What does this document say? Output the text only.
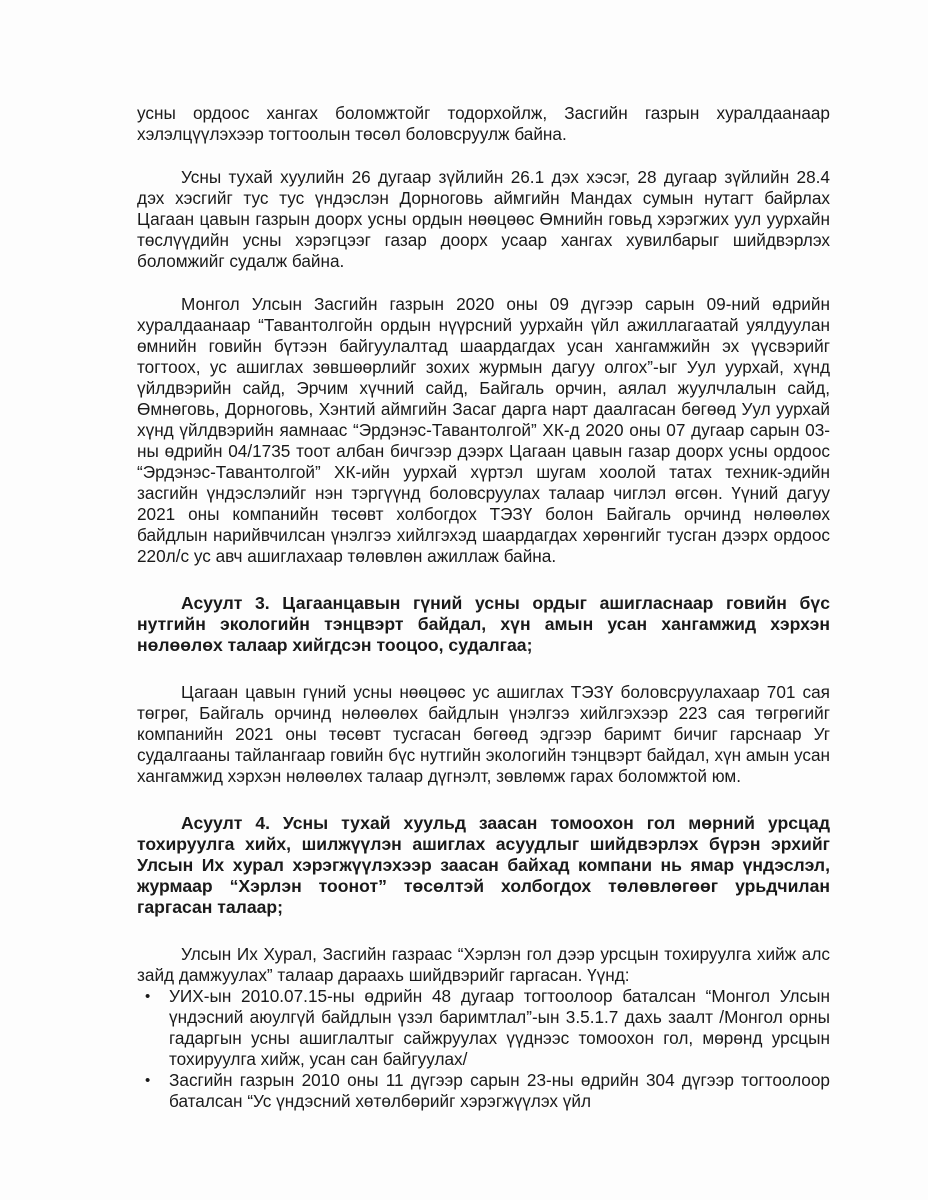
усны ордоос хангах боломжтойг тодорхойлж, Засгийн газрын хуралдаанаар хэлэлцүүлэхээр тогтоолын төсөл боловсруулж байна.

Усны тухай хуулийн 26 дугаар зүйлийн 26.1 дэх хэсэг, 28 дугаар зүйлийн 28.4 дэх хэсгийг тус тус үндэслэн Дорноговь аймгийн Мандах сумын нутагт байрлах Цагаан цавын газрын доорх усны ордын нөөцөөс Өмнийн говьд хэрэгжих уул уурхайн төслүүдийн усны хэрэгцээг газар доорх усаар хангах хувилбарыг шийдвэрлэх боломжийг судалж байна.

Монгол Улсын Засгийн газрын 2020 оны 09 дүгээр сарын 09-ний өдрийн хуралдаанаар “Тавантолгойн ордын нүүрсний уурхайн үйл ажиллагаатай уялдуулан өмнийн говийн бүтээн байгуулалтад шаардагдах усан хангамжийн эх үүсвэрийг тогтоох, ус ашиглах зөвшөөрлийг зохих журмын дагуу олгох”-ыг Уул уурхай, хүнд үйлдвэрийн сайд, Эрчим хүчний сайд, Байгаль орчин, аялал жуулчлалын сайд, Өмнөговь, Дорноговь, Хэнтий аймгийн Засаг дарга нарт даалгасан бөгөөд Уул уурхай хүнд үйлдвэрийн яамнаас “Эрдэнэс-Тавантолгой” ХК-д 2020 оны 07 дугаар сарын 03-ны өдрийн 04/1735 тоот албан бичгээр дээрх Цагаан цавын газар доорх усны ордоос “Эрдэнэс-Тавантолгой” ХК-ийн уурхай хүртэл шугам хоолой татах техник-эдийн засгийн үндэслэлийг нэн тэргүүнд боловсруулах талаар чиглэл өгсөн. Үүний дагуу 2021 оны компанийн төсөвт холбогдох ТЭЗҮ болон Байгаль орчинд нөлөөлөх байдлын нарийвчилсан үнэлгээ хийлгэхэд шаардагдах хөрөнгийг тусган дээрх ордоос 220л/с ус авч ашиглахаар төлөвлөн ажиллаж байна.

Асуулт 3. Цагаанцавын гүний усны ордыг ашигласнаар говийн бүс нутгийн экологийн тэнцвэрт байдал, хүн амын усан хангамжид хэрхэн нөлөөлөх талаар хийгдсэн тооцоо, судалгаа;

Цагаан цавын гүний усны нөөцөөс ус ашиглах ТЭЗҮ боловсруулахаар 701 сая төгрөг, Байгаль орчинд нөлөөлөх байдлын үнэлгээ хийлгэхээр 223 сая төгрөгийг компанийн 2021 оны төсөвт тусгасан бөгөөд эдгээр баримт бичиг гарснаар Уг судалгааны тайлангаар говийн бүс нутгийн экологийн тэнцвэрт байдал, хүн амын усан хангамжид хэрхэн нөлөөлөх талаар дүгнэлт, зөвлөмж гарах боломжтой юм.

Асуулт 4. Усны тухай хуульд заасан томоохон гол мөрний урсцад тохируулга хийх, шилжүүлэн ашиглах асуудлыг шийдвэрлэх бүрэн эрхийг Улсын Их хурал хэрэгжүүлэхээр заасан байхад компани нь ямар үндэслэл, журмаар “Хэрлэн тоонот” төсөлтэй холбогдох төлөвлөгөөг урьдчилан гаргасан талаар;

Улсын Их Хурал, Засгийн газраас “Хэрлэн гол дээр урсцын тохируулга хийж алс зайд дамжуулах” талаар дараахь шийдвэрийг гаргасан. Үүнд:

• УИХ-ын 2010.07.15-ны өдрийн 48 дугаар тогтоолоор баталсан “Монгол Улсын үндэсний аюулгүй байдлын үзэл баримтлал”-ын 3.5.1.7 дахь заалт /Монгол орны гадаргын усны ашиглалтыг сайжруулах үүднээс томоохон гол, мөрөнд урсцын тохируулга хийж, усан сан байгуулах/
• Засгийн газрын 2010 оны 11 дүгээр сарын 23-ны өдрийн 304 дүгээр тогтоолоор баталсан “Ус үндэсний хөтөлбөрийг хэрэгжүүлэх үйл
